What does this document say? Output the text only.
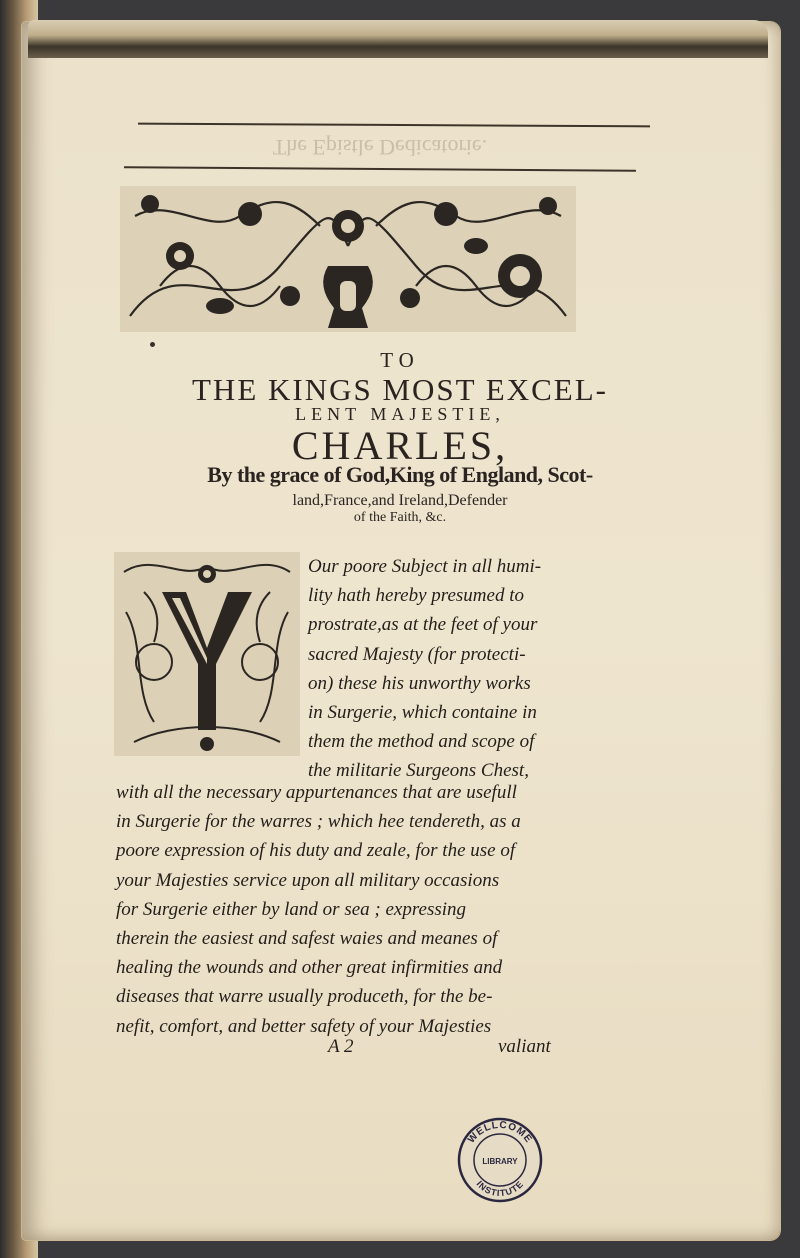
The Epistle Dedicatorie.
TO
THE KINGS MOST EXCEL-
LENT MAJESTIE,
CHARLES,
By the grace of God,King of England, Scot-
land,France,and Ireland,Defender
of the Faith, &c.
Our poore Subject in all humi-
lity hath hereby presumed to
prostrate,as at the feet of your
sacred Majesty (for protecti-
on) these his unworthy works
in Surgerie, which containe in
them the method and scope of
the militarie Surgeons Chest,
with all the necessary appurtenances that are usefull
in Surgerie for the warres ; which hee tendereth, as a
poore expression of his duty and zeale, for the use of
your Majesties service upon all military occasions
for Surgerie either by land or sea ; expressing
therein the easiest and safest waies and meanes of
healing the wounds and other great infirmities and
diseases that warre usually produceth, for the be-
nefit, comfort, and better safety of your Majesties
A 2	valiant
WELLCOME
LIBRARY
INSTITUTE
